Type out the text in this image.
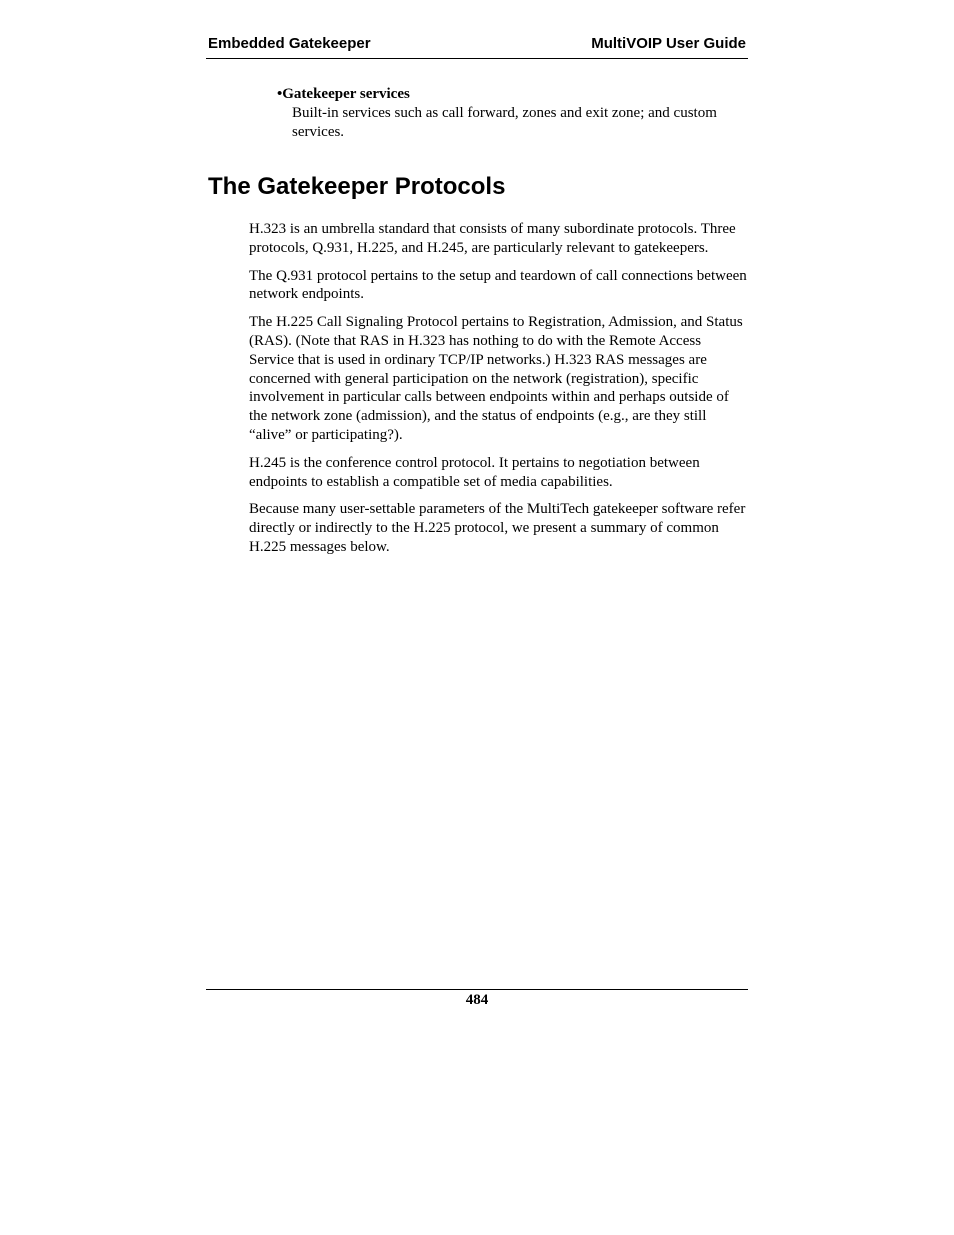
Embedded Gatekeeper	MultiVOIP User Guide
•Gatekeeper services
Built-in services such as call forward, zones and exit zone; and custom services.
The Gatekeeper Protocols

H.323 is an umbrella standard that consists of many subordinate protocols. Three protocols, Q.931, H.225, and H.245, are particularly relevant to gatekeepers.

The Q.931 protocol pertains to the setup and teardown of call connections between network endpoints.

The H.225 Call Signaling Protocol pertains to Registration, Admission, and Status (RAS). (Note that RAS in H.323 has nothing to do with the Remote Access Service that is used in ordinary TCP/IP networks.) H.323 RAS messages are concerned with general participation on the network (registration), specific involvement in particular calls between endpoints within and perhaps outside of the network zone (admission), and the status of endpoints (e.g., are they still “alive” or participating?).

H.245 is the conference control protocol. It pertains to negotiation between endpoints to establish a compatible set of media capabilities.

Because many user-settable parameters of the MultiTech gatekeeper software refer directly or indirectly to the H.225 protocol, we present a summary of common H.225 messages below.

484
